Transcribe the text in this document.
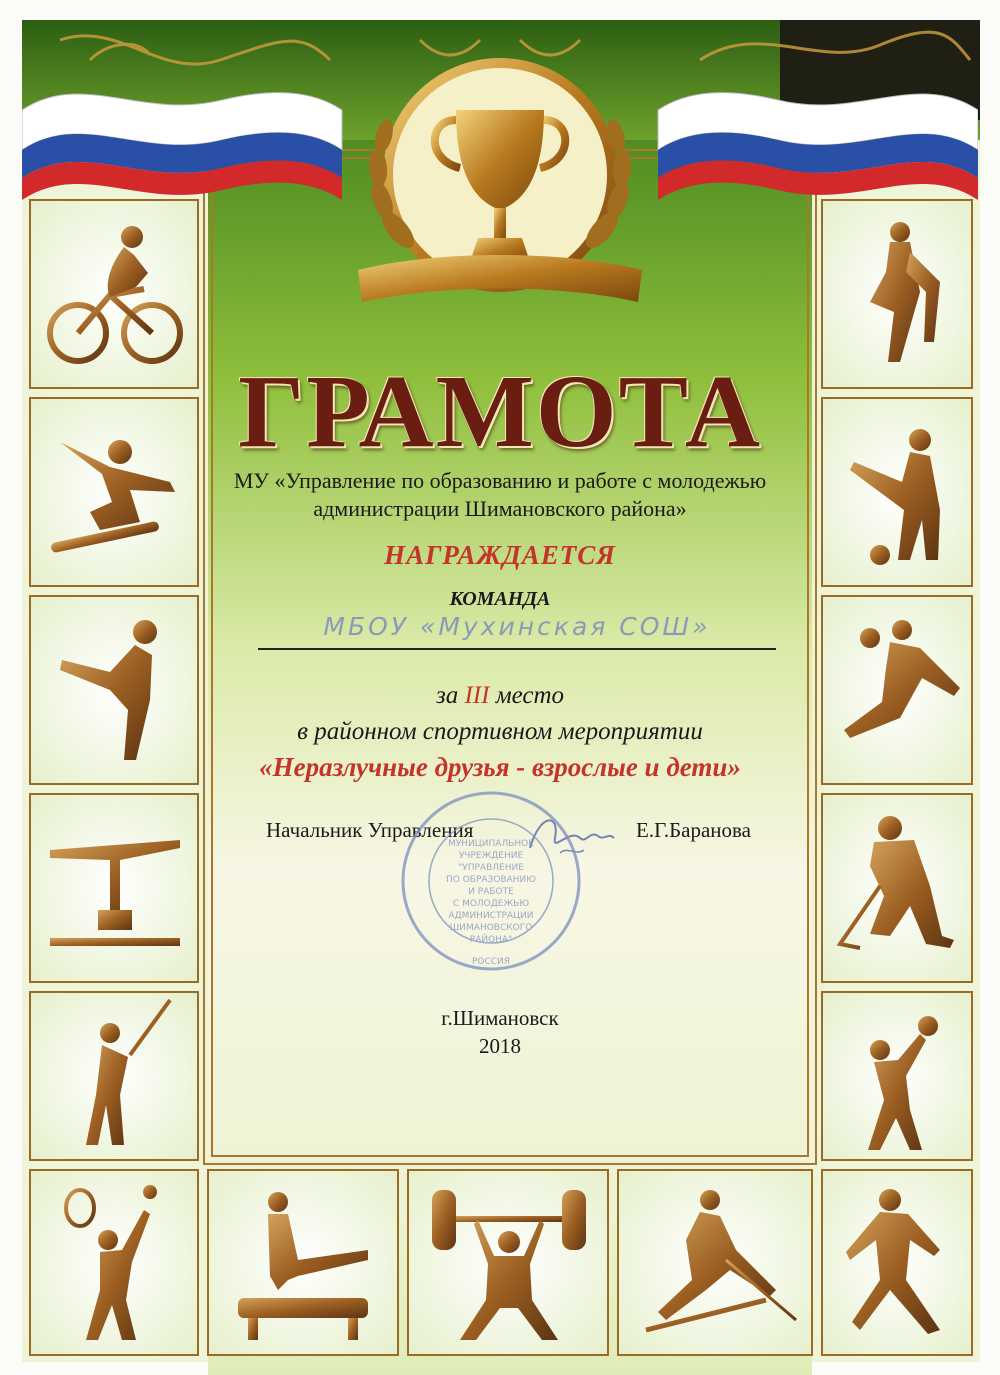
ГРАМОТА
МУ «Управление по образованию и работе с молодежью
администрации Шимановского района»
НАГРАЖДАЕТСЯ
КОМАНДА
МБОУ «Мухинская СОШ»
за III место
в районном спортивном мероприятии
«Неразлучные друзья - взрослые и дети»
Начальник Управления	Е.Г.Баранова
МУНИЦИПАЛЬНОЕ
УЧРЕЖДЕНИЕ
"УПРАВЛЕНИЕ
ПО ОБРАЗОВАНИЮ
И РАБОТЕ
С МОЛОДЕЖЬЮ
АДМИНИСТРАЦИИ
ШИМАНОВСКОГО
РАЙОНА"
РОССИЯ
г.Шимановск
2018
